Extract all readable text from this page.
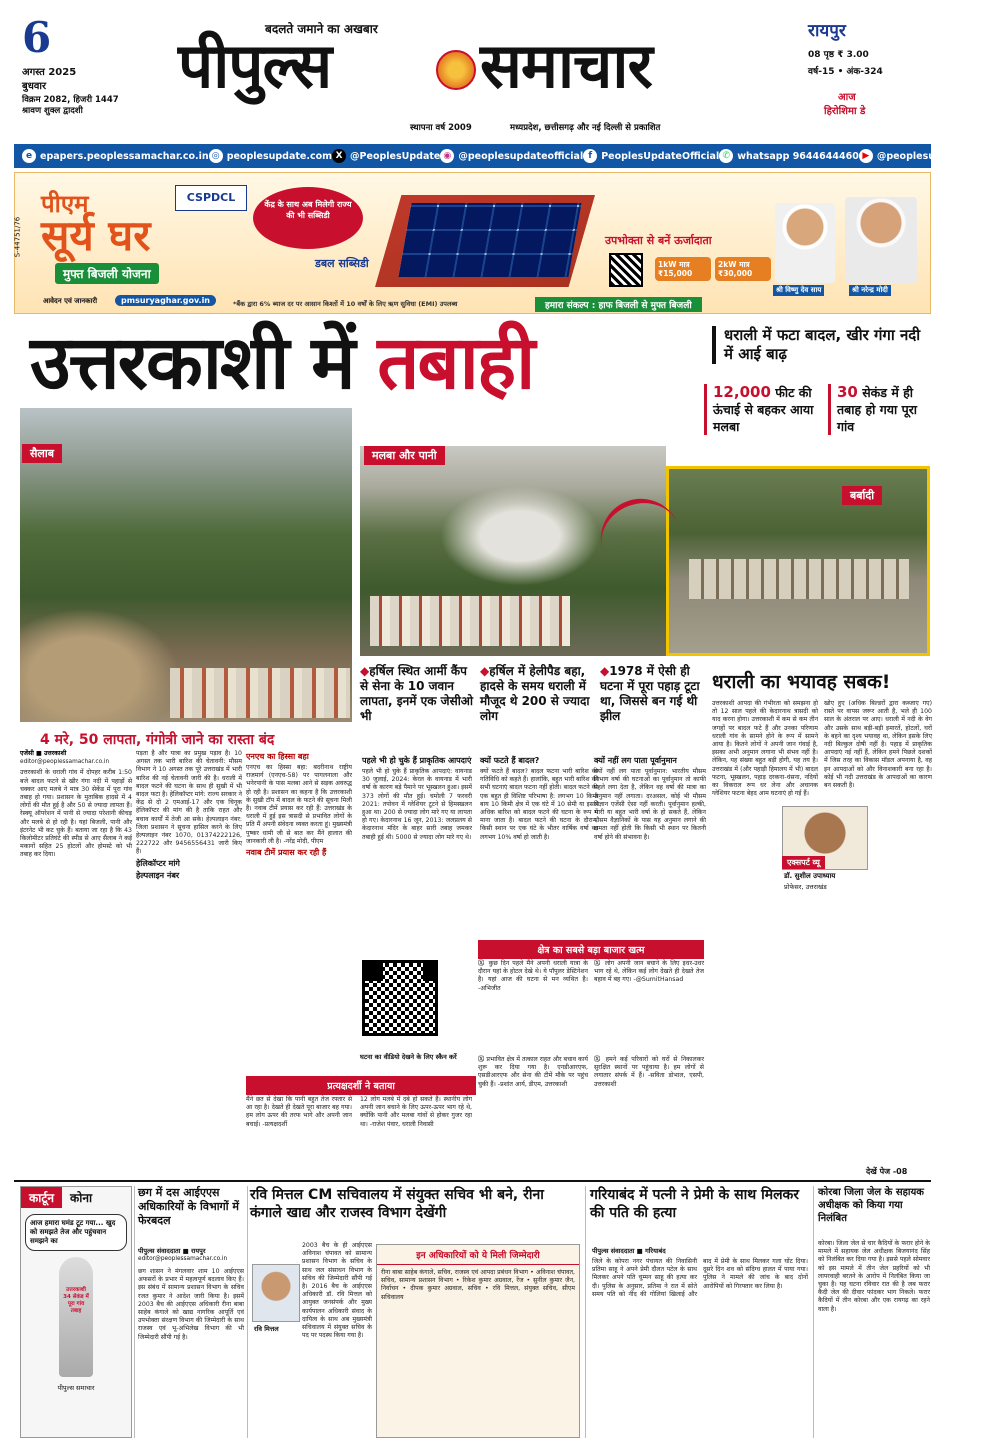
6
अगस्त 2025
बुधवार
विक्रम 2082, हिजरी 1447
श्रावण शुक्ल द्वादशी
बदलते जमाने का अखबार
पीपुल्स समाचार
स्थापना वर्ष 2009	मध्यप्रदेश, छत्तीसगढ़ और नई दिल्ली से प्रकाशित
रायपुर
08 पृष्ठ ₹ 3.00
वर्ष-15 • अंक-324
आज
हिरोशिमा डे
e epapers.peoplessamachar.co.in ◎ peoplesupdate.com X @PeoplesUpdate ◉ @peoplesupdateofficial f PeoplesUpdateOfficial ✆ whatsapp 9644644460 ▶ @peoplesupdateofficial
S-44751/76
पीएम
सूर्य घर
मुफ्त बिजली योजना
आवेदन एवं जानकारी	pmsuryaghar.gov.in	*बैंक द्वारा 6% ब्याज दर पर आसान किश्तों में 10 वर्षों के लिए ऋण सुविधा (EMI) उपलब्ध
CSPDCL
केंद्र के साथ अब मिलेगी राज्य की भी सब्सिडी
डबल सब्सिडी
उपभोक्ता से बनें ऊर्जादाता
1kW मात्र ₹15,000
2kW मात्र ₹30,000
हमारा संकल्प : हाफ बिजली से मुफ्त बिजली
श्री विष्णु देव साय	श्री नरेन्द्र मोदी
उत्तरकाशी में तबाही	धराली में फटा बादल, खीर गंगा नदी में आई बाढ़
12,000 फीट की ऊंचाई से बहकर आया मलबा
30 सेकंड में ही तबाह हो गया पूरा गांव
सैलाब	मलबा और पानी
बर्बादी
4 मरे, 50 लापता, गंगोत्री जाने का रास्ता बंद
◆हर्षिल स्थित आर्मी कैंप से सेना के 10 जवान लापता, इनमें एक जेसीओ भी
◆हर्षिल में हेलीपैड बहा, हादसे के समय धराली में मौजूद थे 200 से ज्यादा लोग
◆1978 में ऐसी ही घटना में पूरा पहाड़ टूटा था, जिससे बन गई थी झील
एजेंसी ■ उत्तरकाशी
editor@peoplessamachar.co.in

उत्तरकाशी के धराली गांव में दोपहर करीब 1:50 बजे बादल फटने से खीर गंगा नदी में पहाड़ों से चक्कर आए मलबे ने मात्र 30 सेकेंड में पूरा गांव तबाह हो गया। प्रशासन के मुताबिक हादसे में 4 लोगों की मौत हुई है और 50 से ज्यादा लापता हैं। रेस्क्यू ऑपरेशन में पानी से ज्यादा परेशानी कीचड़ और मलबे से हो रही है। यहां बिजली, पानी और इंटरनेट भी कट चुके हैं। बताया जा रहा है कि 43 किलोमीटर प्रतिघंटे की स्पीड से आए सैलाब ने कई मकानों सहित 25 होटलों और होमस्टे को भी तबाह कर दिया।

पड़ता है और यात्रा का प्रमुख पड़ाव है। 10 अगस्त तक भारी बारिश की चेतावनी: मौसम विभाग ने 10 अगस्त तक पूरे उत्तराखंड में भारी बारिश की नई चेतावनी जारी की है। धराली में बादल फटने की घटना के साथ ही सुखी में भी बादल फटा है। हेलिकॉप्टर मांगे: राज्य सरकार ने केंद्र से दो 2 एमआई-17 और एक चिनूक हेलिकॉप्टर की मांग की है ताकि राहत और बचाव कार्यों में तेजी आ सके। हेल्पलाइन नंबर: जिला प्रशासन ने सूचना हासिल करने के लिए हेल्पलाइन नंबर 1070, 01374222126, 222722 और 9456556431 जारी किए हैं।

हेलिकॉप्टर मांगे
हेल्पलाइन नंबर
एनएच का हिस्सा बहा

एनएच का हिस्सा बहा: बदरीनाथ राष्ट्रीय राजमार्ग (एनएच-58) पर पागलनाला और भनेरपानी के पास मलबा आने से सड़क अवरुद्ध हो रही है। प्रशासन का कहना है कि उत्तरकाशी के सुखी टॉप में बादल के फटने की सूचना मिली है। नवाब टीमें प्रयास कर रही हैं: उत्तराखंड के धराली में हुई इस त्रासदी से प्रभावित लोगों के प्रति मैं अपनी संवेदना व्यक्त करता हूं। मुख्यमंत्री पुष्कर धामी जी से बात कर मैंने हालात की जानकारी ली है। -नरेंद्र मोदी, पीएम

नवाब टीमें प्रयास कर रही हैं
पहले भी हो चुके हैं प्राकृतिक आपदाएं

पहले भी हो चुके हैं प्राकृतिक आपदाएं: वायनाड 30 जुलाई, 2024: केरल के वायनाड में भारी वर्षा के कारण बड़े पैमाने पर भूस्खलन हुआ। इसमें 373 लोगों की मौत हुई। चमोली 7 फरवरी 2021: तपोवन में ग्लेशियर टूटने से हिमस्खलन हुआ था। 200 से ज्यादा लोग मारे गए या लापता हो गए। केदारनाथ 16 जून, 2013: जलप्रलय से केदारनाथ मंदिर के बाहर सारी तबाह जमकर तबाही हुई थी। 5000 से ज्यादा लोग मारे गए थे।

क्यों फटते हैं बादल?

क्यों फटते हैं बादल? बादल फटना भारी बारिश की गतिविधि को कहते हैं। हालांकि, बहुत भारी बारिश की सभी घटनाएं बादल फटना नहीं होती। बादल फटने की एक बहुत ही विशिष्ट परिभाषा है: लगभग 10 किमी बाय 10 किमी क्षेत्र में एक घंटे में 10 सेमी या इससे अधिक बारिश को बादल फटने की घटना के रूप में माना जाता है। बादल फटने की घटना के दौरान, किसी स्थान पर एक घंटे के भीतर वार्षिक वर्षा का लगभग 10% वर्षा हो जाती है।

क्यों नहीं लग पाता पूर्वानुमान

क्यों नहीं लग पाता पूर्वानुमान: भारतीय मौसम विभाग वर्षा की घटनाओं का पूर्वानुमान तो काफी पहले लगा देता है, लेकिन वह वर्षा की मात्रा का अनुमान नहीं लगाता। दरअसल, कोई भी मौसम विज्ञान एजेंसी ऐसा नहीं करती। पूर्वानुमान हल्की, भारी या बहुत भारी वर्षा के हो सकते हैं, लेकिन मौसम वैज्ञानिकों के पास यह अनुमान लगाने की क्षमता नहीं होती कि किसी भी स्थान पर कितनी वर्षा होने की संभावना है।

घटना का वीडियो देखने के लिए स्कैन करें
क्षेत्र का सबसे बड़ा बाजार खत्म
Ⓧ कुछ दिन पहले मैंने अपनी धराली यात्रा के दौरान यहां के होटल देखे थे। ये पॉपुलर डेस्टिनेशन है। यहां आज की घटना से मन व्यथित है। -अभिजीत
Ⓧ लोग अपनी जान बचाने के लिए इधर-उधर भाग रहे थे, लेकिन कई लोग देखते ही देखते तेज बहाव में बह गए। -@SumitHansad
प्रत्यक्षदर्शी ने बताया
मैंने छत से देखा कि पानी बहुत तेज रफ्तार से आ रहा है। देखते ही देखते पूरा बाजार बह गया। हम लोग ऊपर की तरफ भागे और अपनी जान बचाई। -प्रत्यक्षदर्शी
12 लोग मलबे में दबे हो सकते हैं। स्थानीय लोग अपनी जान बचाने के लिए ऊपर-ऊपर भाग रहे थे, क्योंकि पानी और मलबा गांवों से होकर गुजर रहा था। -राजेश पंवार, धराली निवासी
Ⓧ प्रभावित क्षेत्र में तत्काल राहत और बचाव कार्य शुरू कर दिया गया है। एनडीआरएफ, एसडीआरएफ और सेना की टीमें मौके पर पहुंच चुकी हैं। -प्रशांत आर्य, डीएम, उत्तरकाशी
Ⓧ हमने कई परिवारों को घरों से निकालकर सुरक्षित स्थानों पर पहुंचाया है। हम लोगों से लगातार संपर्क में हैं। -सविता डोभाल, एसपी, उत्तरकाशी
धराली का भयावह सबक!

उत्तरकाशी आपदा की गंभीरता को समझना हो तो 12 साल पहले की केदारनाथ त्रासदी को याद करना होगा। उत्तरकाशी में कम से कम तीन जगहों पर बादल फटे हैं और उनका परिणाम धराली गांव के सामने होने के रूप में सामने आया है। कितने लोगों ने अपनी जान गंवाई है, इसका अभी अनुमान लगाना भी संभव नहीं है। लेकिन, यह संख्या बहुत बड़ी होगी, यह तय है। उत्तराखंड में (और पहाड़ी हिमालय में भी) बादल फटना, भूस्खलन, पहाड़ दरकना-धंसना, नदियों का विकराल रूप धर लेना और अचानक ग्लेशियर फटना बेहद आम घटनाएं हो गई हैं।

खोए हुए (अधिक बिल्डरों द्वारा कब्जाए गए) रास्ते पर वापस जरूर आती है, भले ही 100 साल के अंतराल पर आए। धराली में नदी के वेग और उसके साथ बड़ी-बड़ी इमारतें, होटलों, घरों के बहने का दृश्य भयावह था, लेकिन इसके लिए नदी बिल्कुल दोषी नहीं है। पहाड़ में प्राकृतिक आपदाएं नई नहीं हैं, लेकिन हमने पिछले दशकों में जिस तरह का विकास मॉडल अपनाया है, वह इन आपदाओं को और विनाशकारी बना रहा है। कोई भी नदी उत्तराखंड के आपदाओं का कारण बन सकती है।

एक्सपर्ट व्यू
डॉ. सुशील उपाध्याय
प्रोफेसर, उत्तराखंड
देखें पेज -08
कार्टून	कोना
आज हमारा घमंड टूट गया... खुद को समझते तेज और पहुंचवान समझने का
उत्तरकाशी 34 सेकंड में पूरा गांव तबाह
पीपुल्स समाचार
छग में दस आईएएस अधिकारियों के विभागों में फेरबदल
पीपुल्स संवाददाता ■ रायपुर
editor@peoplessamachar.co.in
छग शासन ने मंगलवार शाम 10 आईएएस अफसरों के प्रभार में महत्वपूर्ण बदलाव किए हैं। इस संबंध में सामान्य प्रशासन विभाग के सचिव रजत कुमार ने आदेश जारी किया है। इसमें 2003 बैच की आईएएस अधिकारी रीना बाबा साहेब कंगाले को खाद्य नागरिक आपूर्ति एवं उपभोक्ता संरक्षण विभाग की जिम्मेदारी के साथ राजस्व एवं भू-अभिलेख विभाग की भी जिम्मेदारी सौंपी गई है।
रवि मित्तल CM सचिवालय में संयुक्त सचिव भी बने, रीना कंगाले खाद्य और राजस्व विभाग देखेंगी
रवि मित्तल
2003 बैच के ही आईएएस अविनाश चंपावत को सामान्य प्रशासन विभाग के सचिव के साथ जल संसाधन विभाग के सचिव की जिम्मेदारी सौंपी गई है। 2016 बैच के आईएएस अधिकारी डॉ. रवि मित्तल को आयुक्त जनसंपर्क और मुख्य कार्यपालन अधिकारी संवाद के दायित्व के साथ अब मुख्यमंत्री सचिवालय में संयुक्त सचिव के पद पर पदस्थ किया गया है।
इन अधिकारियों को ये मिली जिम्मेदारी
रीना बाबा साहेब कंगाले, सचिव, राजस्व एवं आपदा प्रबंधन विभाग • अविनाश चंपावत, सचिव, सामान्य प्रशासन विभाग • रिकेश कुमार अग्रवाल, रेंज • सुनील कुमार जैन, निर्वाचन • दीपक कुमार अग्रवाल, सचिव • रवि मित्तल, संयुक्त सचिव, सीएम सचिवालय
गरियाबंद में पत्नी ने प्रेमी के साथ मिलकर की पति की हत्या
पीपुल्स संवाददाता ■ गरियाबंद
जिले के कोपरा नगर पंचायत की निवासिनी प्रतिमा साहू ने अपने प्रेमी दौलत पटेल के साथ मिलकर अपने पति चुम्मन साहू की हत्या कर दी। पुलिस के अनुसार, प्रतिमा ने रात में सोते समय पति को नींद की गोलियां खिलाई और बाद में प्रेमी के साथ मिलकर गला घोंट दिया। दूसरे दिन शव को संदिग्ध हालत में पाया गया। पुलिस ने मामले की जांच के बाद दोनों आरोपियों को गिरफ्तार कर लिया है।
कोरबा जिला जेल के सहायक अधीक्षक को किया गया निलंबित
कोरबा। जिला जेल से चार कैदियों के फरार होने के मामले में सहायक जेल अधीक्षक बिजयानंद सिंह को निलंबित कर दिया गया है। इससे पहले सोमवार को इस मामले में तीन जेल प्रहरियों को भी लापरवाही बरतने के आरोप में निलंबित किया जा चुका है। यह घटना रविवार रात की है जब फरार कैदी जेल की दीवार फांदकर भाग निकले। फरार कैदियों में तीन कोरबा और एक रायगढ़ का रहने वाला है।
